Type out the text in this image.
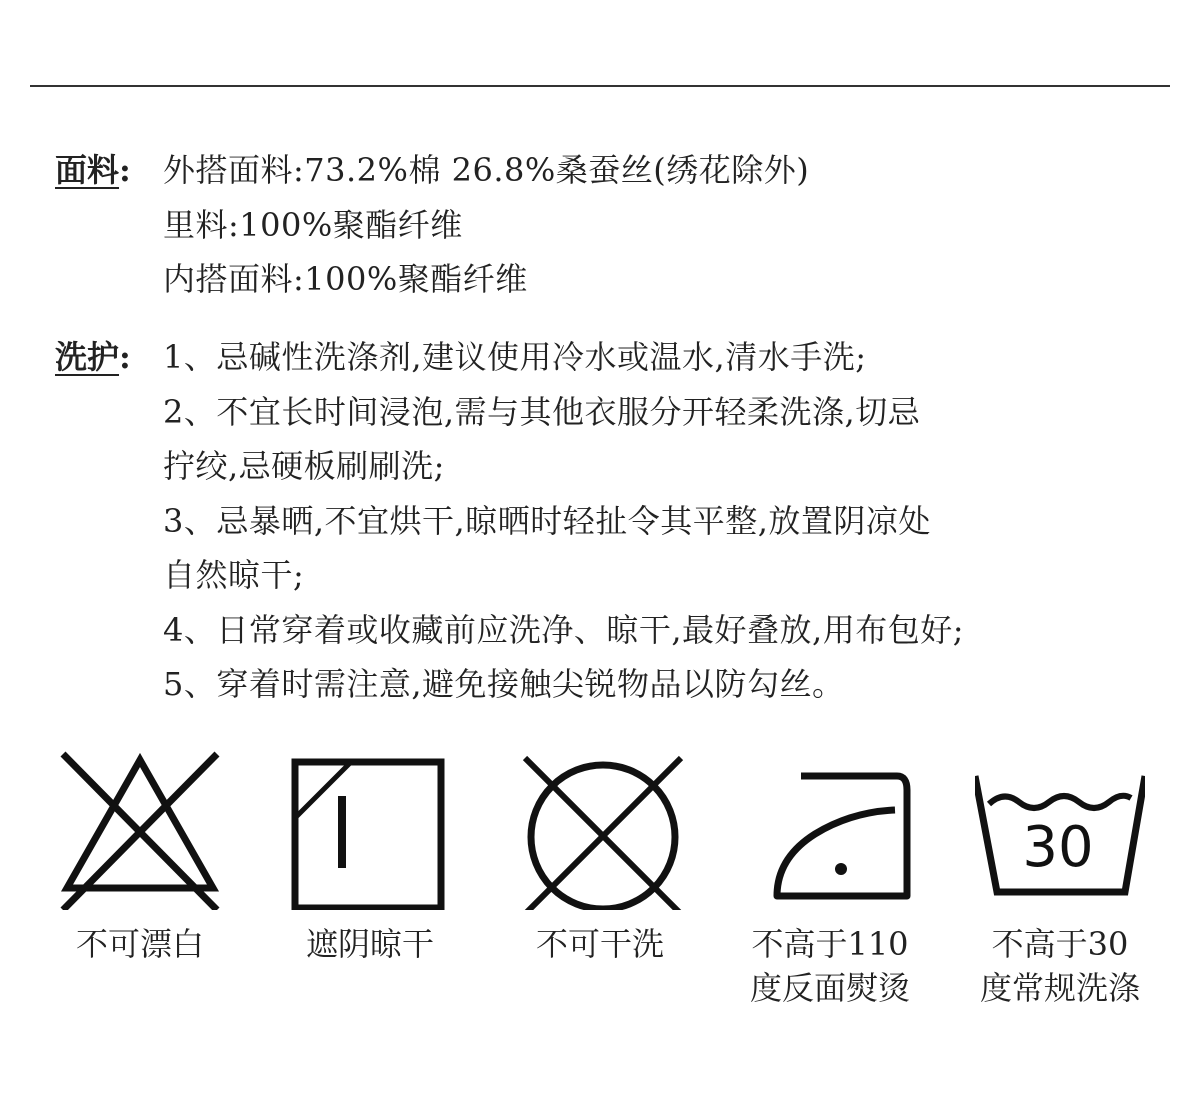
面料:	外搭面料:73.2%棉 26.8%桑蚕丝(绣花除外)
里料:100%聚酯纤维
内搭面料:100%聚酯纤维
洗护:	1、忌碱性洗涤剂,建议使用冷水或温水,清水手洗;
2、不宜长时间浸泡,需与其他衣服分开轻柔洗涤,切忌
拧绞,忌硬板刷刷洗;
3、忌暴晒,不宜烘干,晾晒时轻扯令其平整,放置阴凉处
自然晾干;
4、日常穿着或收藏前应洗净、晾干,最好叠放,用布包好;
5、穿着时需注意,避免接触尖锐物品以防勾丝。
不可漂白	遮阴晾干	不可干洗	不高于110
度反面熨烫
30
不高于30
度常规洗涤
